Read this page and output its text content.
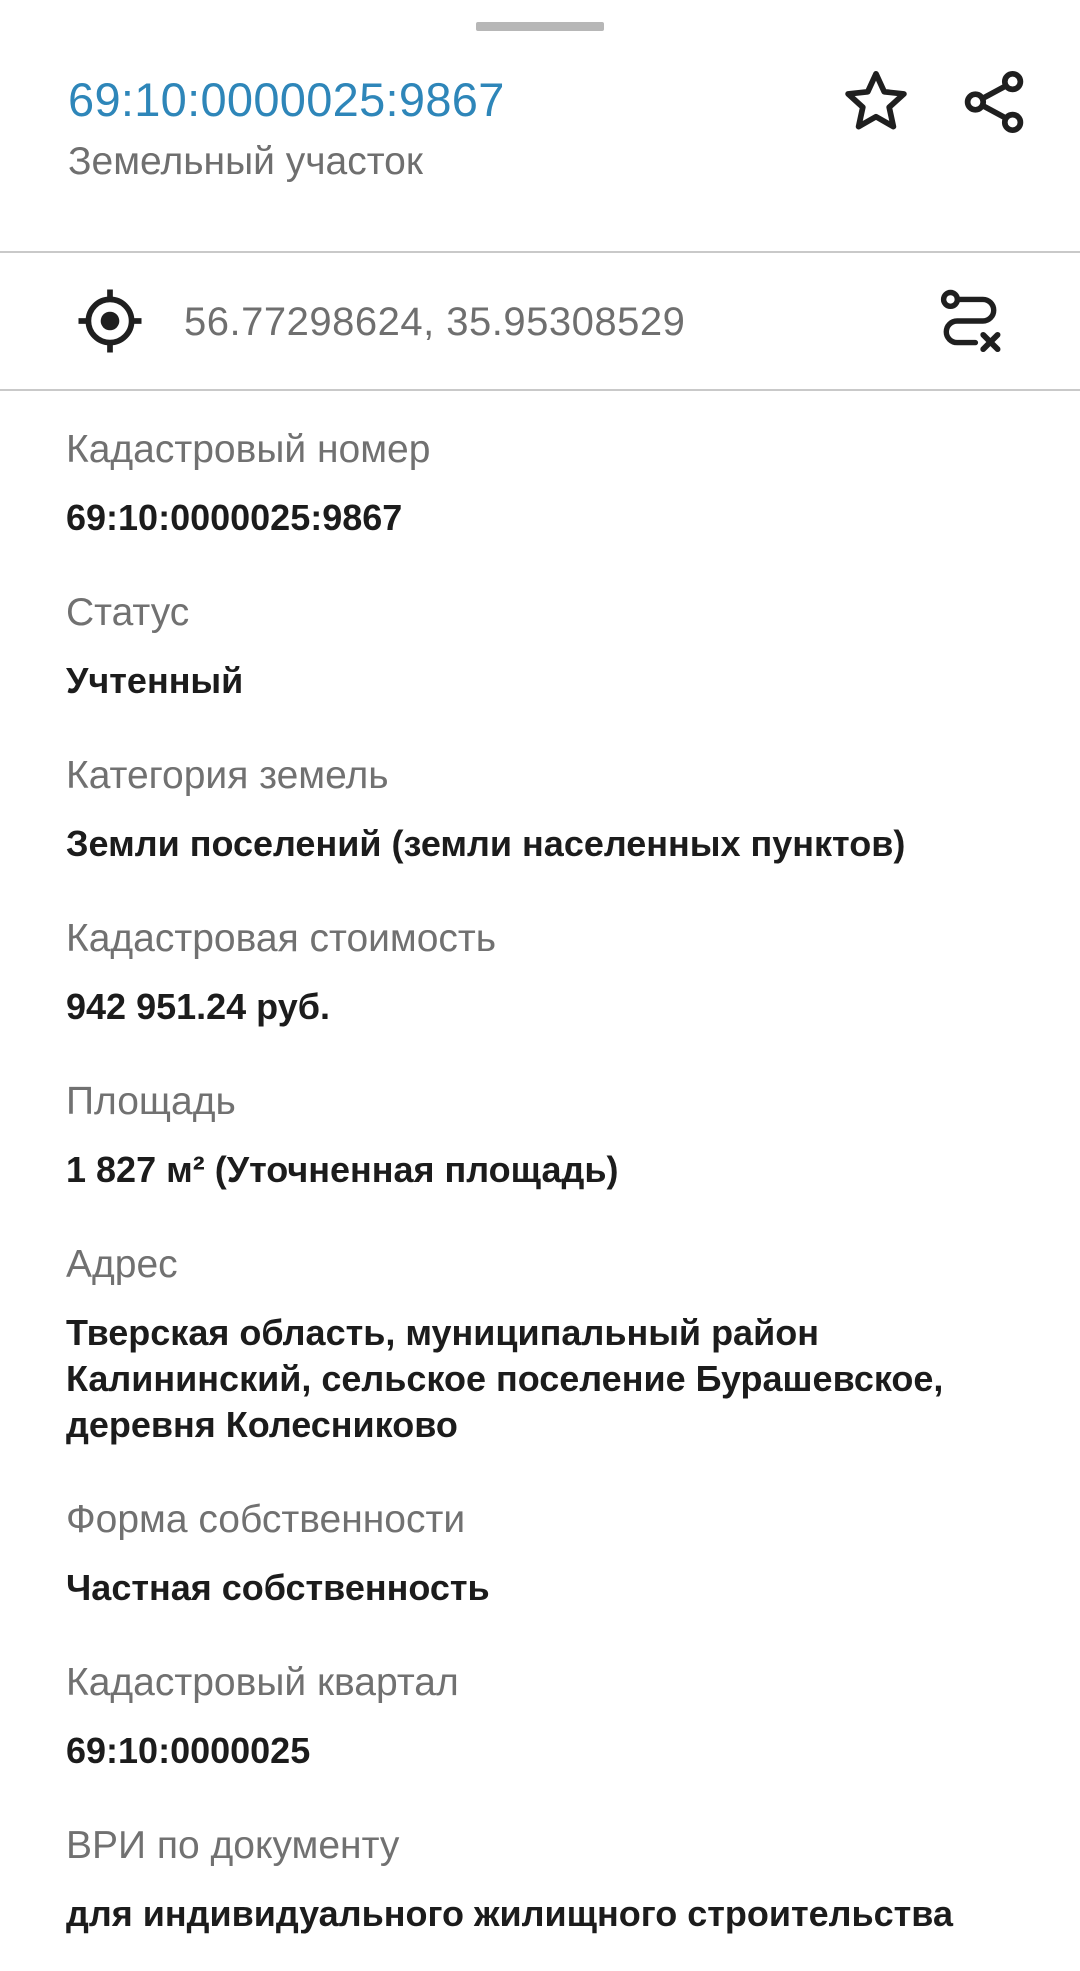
69:10:0000025:9867
Земельный участок
56.77298624, 35.95308529
Кадастровый номер
69:10:0000025:9867
Статус
Учтенный
Категория земель
Земли поселений (земли населенных пунктов)
Кадастровая стоимость
942 951.24 руб.
Площадь
1 827 м² (Уточненная площадь)
Адрес
Тверская область, муниципальный район Калининский, сельское поселение Бурашевское, деревня Колесниково
Форма собственности
Частная собственность
Кадастровый квартал
69:10:0000025
ВРИ по документу
для индивидуального жилищного строительства
